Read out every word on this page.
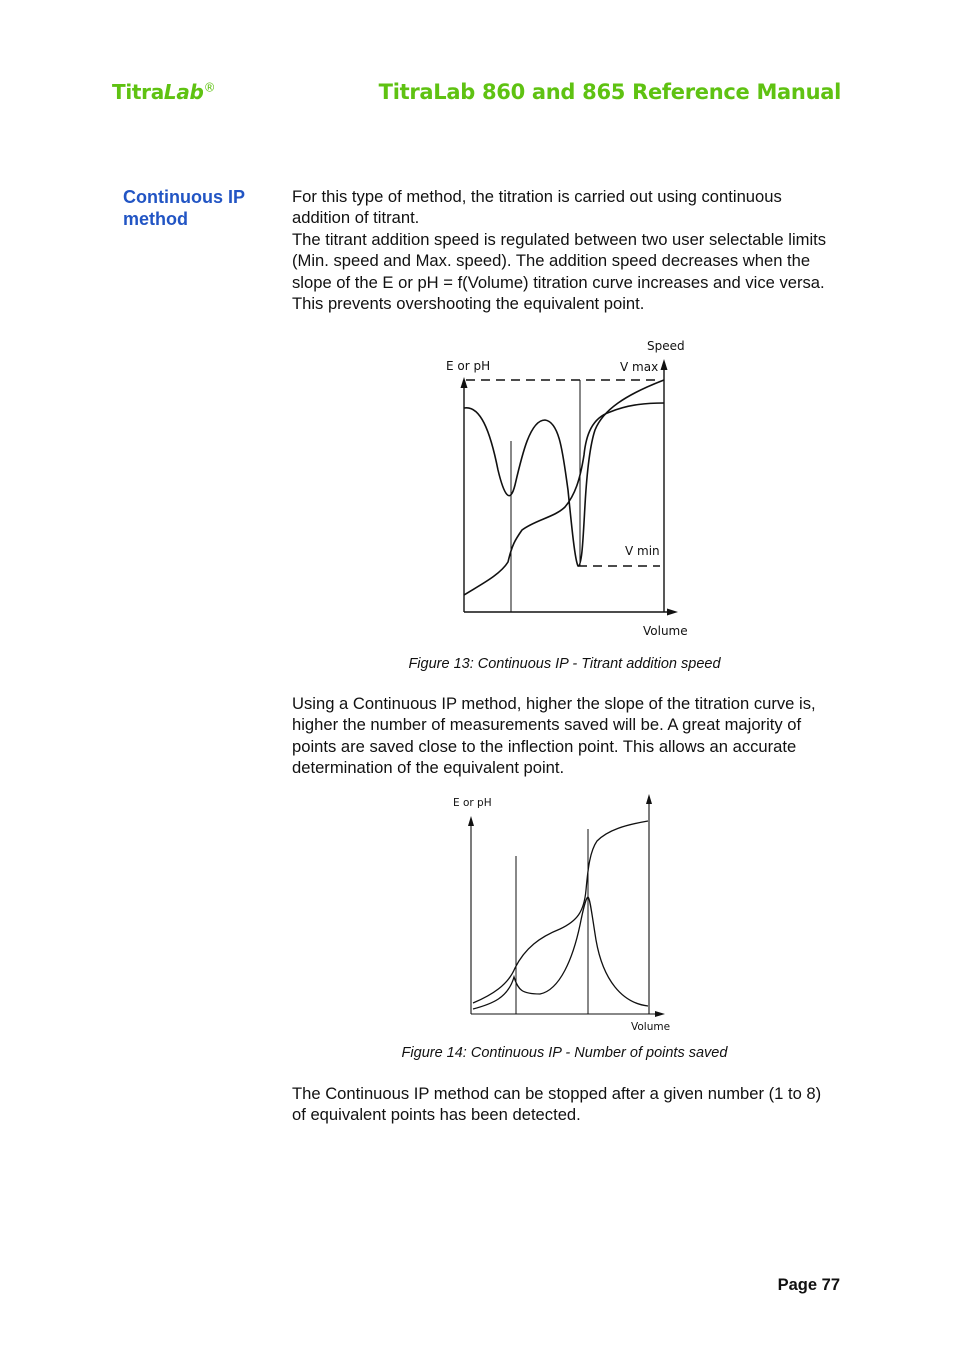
TitraLab®	TitraLab 860 and 865 Reference Manual
Continuous IP method

For this type of method, the titration is carried out using continuous addition of titrant.

The titrant addition speed is regulated between two user selectable limits (Min. speed and Max. speed). The addition speed decreases when the slope of the E or pH = f(Volume) titration curve increases and vice versa. This prevents overshooting the equivalent point.

E or pH
Speed
V max
V min
Volume
Figure 13: Continuous IP - Titrant addition speed

Using a Continuous IP method, higher the slope of the titration curve is, higher the number of measurements saved will be. A great majority of points are saved close to the inflection point. This allows an accurate determination of the equivalent point.

E or pH
Volume
Figure 14: Continuous IP - Number of points saved

The Continuous IP method can be stopped after a given number (1 to 8) of equivalent points has been detected.

Page 77
